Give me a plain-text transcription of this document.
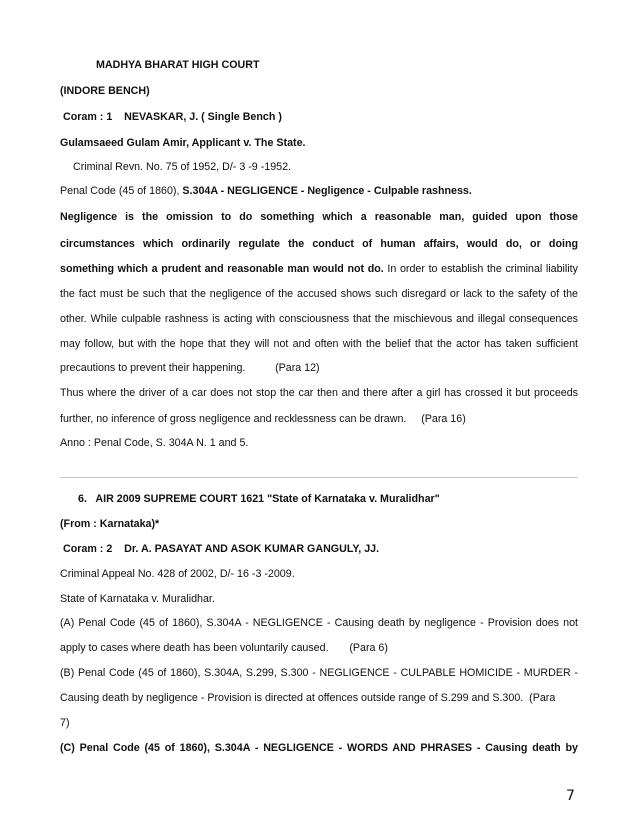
MADHYA BHARAT HIGH COURT
(INDORE BENCH)
Coram : 1    NEVASKAR, J. ( Single Bench )
Gulamsaeed Gulam Amir, Applicant v. The State.
Criminal Revn. No. 75 of 1952, D/- 3 -9 -1952.
Penal Code (45 of 1860), S.304A - NEGLIGENCE - Negligence - Culpable rashness.
Negligence is the omission to do something which a reasonable man, guided upon those
circumstances which ordinarily regulate the conduct of human affairs, would do, or doing
something which a prudent and reasonable man would not do. In order to establish the criminal liability
the fact must be such that the negligence of the accused shows such disregard or lack to the safety of the
other. While culpable rashness is acting with consciousness that the mischievous and illegal consequences
may follow, but with the hope that they will not and often with the belief that the actor has taken sufficient
precautions to prevent their happening.          (Para 12)
Thus where the driver of a car does not stop the car then and there after a girl has crossed it but proceeds
further, no inference of gross negligence and recklessness can be drawn.     (Para 16)
Anno : Penal Code, S. 304A N. 1 and 5.
6.   AIR 2009 SUPREME COURT 1621 "State of Karnataka v. Muralidhar"
(From : Karnataka)*
Coram : 2    Dr. A. PASAYAT AND ASOK KUMAR GANGULY, JJ.
Criminal Appeal No. 428 of 2002, D/- 16 -3 -2009.
State of Karnataka v. Muralidhar.
(A) Penal Code (45 of 1860), S.304A - NEGLIGENCE - Causing death by negligence - Provision does not
apply to cases where death has been voluntarily caused.       (Para 6)
(B) Penal Code (45 of 1860), S.304A, S.299, S.300 - NEGLIGENCE - CULPABLE HOMICIDE - MURDER -
Causing death by negligence - Provision is directed at offences outside range of S.299 and S.300.  (Para
7)
(C) Penal Code (45 of 1860), S.304A - NEGLIGENCE - WORDS AND PHRASES - Causing death by
7
